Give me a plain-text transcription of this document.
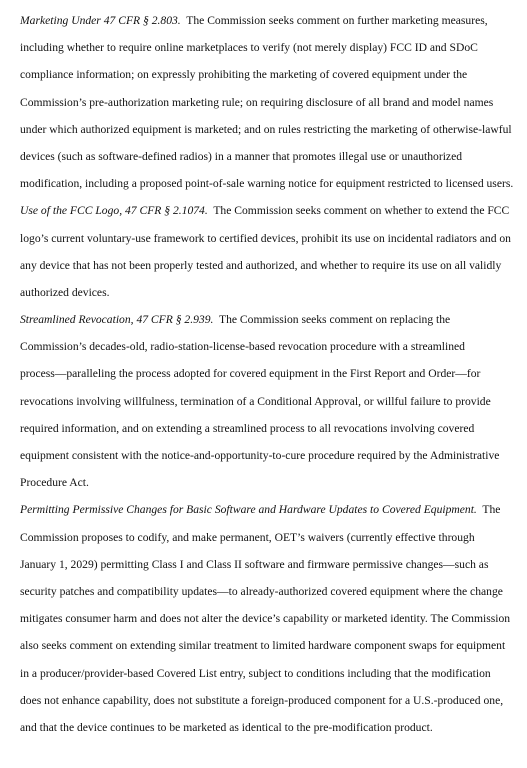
Marketing Under 47 CFR § 2.803.  The Commission seeks comment on further marketing measures,
including whether to require online marketplaces to verify (not merely display) FCC ID and SDoC
compliance information; on expressly prohibiting the marketing of covered equipment under the
Commission’s pre-authorization marketing rule; on requiring disclosure of all brand and model names
under which authorized equipment is marketed; and on rules restricting the marketing of otherwise-lawful
devices (such as software-defined radios) in a manner that promotes illegal use or unauthorized
modification, including a proposed point-of-sale warning notice for equipment restricted to licensed users.
Use of the FCC Logo, 47 CFR § 2.1074.  The Commission seeks comment on whether to extend the FCC
logo’s current voluntary-use framework to certified devices, prohibit its use on incidental radiators and on
any device that has not been properly tested and authorized, and whether to require its use on all validly
authorized devices.
Streamlined Revocation, 47 CFR § 2.939.  The Commission seeks comment on replacing the
Commission’s decades-old, radio-station-license-based revocation procedure with a streamlined
process—paralleling the process adopted for covered equipment in the First Report and Order—for
revocations involving willfulness, termination of a Conditional Approval, or willful failure to provide
required information, and on extending a streamlined process to all revocations involving covered
equipment consistent with the notice-and-opportunity-to-cure procedure required by the Administrative
Procedure Act.
Permitting Permissive Changes for Basic Software and Hardware Updates to Covered Equipment.  The
Commission proposes to codify, and make permanent, OET’s waivers (currently effective through
January 1, 2029) permitting Class I and Class II software and firmware permissive changes—such as
security patches and compatibility updates—to already-authorized covered equipment where the change
mitigates consumer harm and does not alter the device’s capability or marketed identity. The Commission
also seeks comment on extending similar treatment to limited hardware component swaps for equipment
in a producer/provider-based Covered List entry, subject to conditions including that the modification
does not enhance capability, does not substitute a foreign-produced component for a U.S.-produced one,
and that the device continues to be marketed as identical to the pre-modification product.
